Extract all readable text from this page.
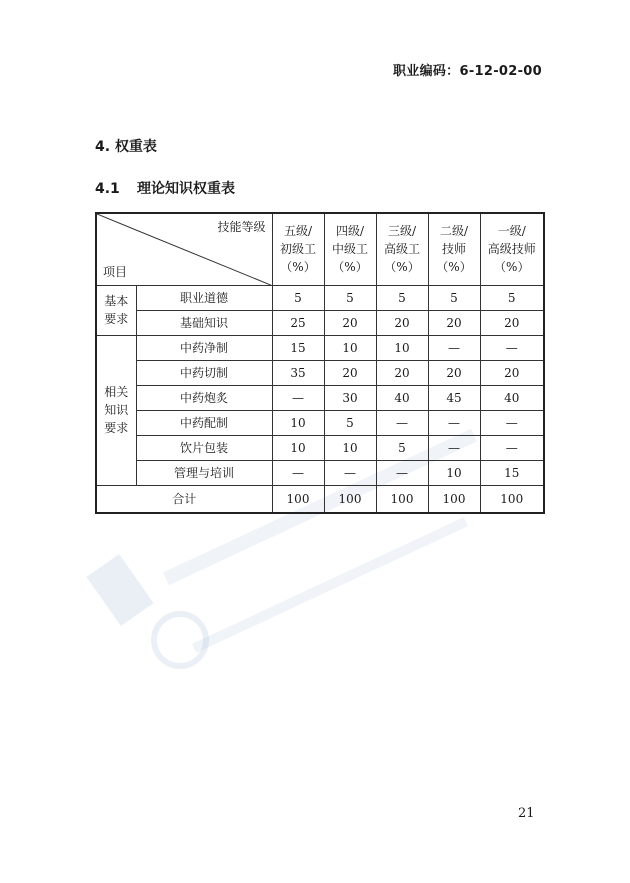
职业编码：6-12-02-00
4. 权重表
4.1 理论知识权重表
技能等级
项目		五级/
初级工
（%）	四级/
中级工
（%）	三级/
高级工
（%）	二级/
技师
（%）	一级/
高级技师
（%）
基本
要求	职业道德	5	5	5	5	5
	基础知识	25	20	20	20	20
相关
知识
要求	中药净制	15	10	10	—	—
	中药切制	35	20	20	20	20
	中药炮炙	—	30	40	45	40
	中药配制	10	5	—	—	—
	饮片包装	10	10	5	—	—
	管理与培训	—	—	—	10	15
合计		100	100	100	100	100
21
